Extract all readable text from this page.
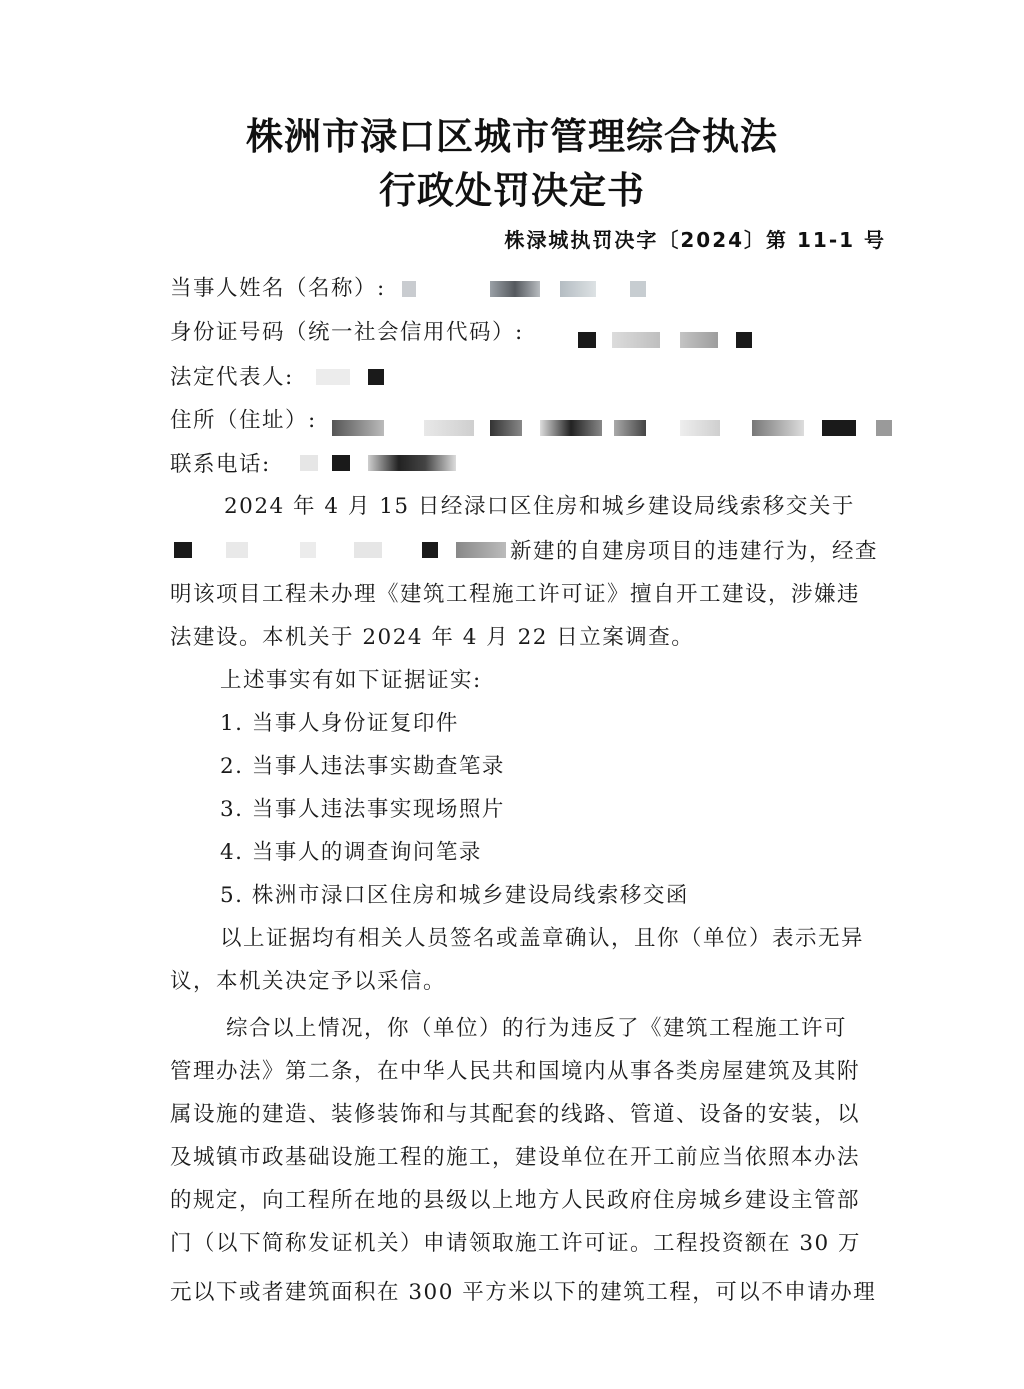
株洲市渌口区城市管理综合执法
行政处罚决定书
株渌城执罚决字〔2024〕第 11-1 号
当事人姓名（名称）:
身份证号码（统一社会信用代码）:
法定代表人:
住所（住址）:
联系电话:
2024 年 4 月 15 日经渌口区住房和城乡建设局线索移交关于
新建的自建房项目的违建行为，经查
明该项目工程未办理《建筑工程施工许可证》擅自开工建设，涉嫌违
法建设。本机关于 2024 年 4 月 22 日立案调查。
上述事实有如下证据证实:
1. 当事人身份证复印件
2. 当事人违法事实勘查笔录
3. 当事人违法事实现场照片
4. 当事人的调查询问笔录
5. 株洲市渌口区住房和城乡建设局线索移交函
以上证据均有相关人员签名或盖章确认，且你（单位）表示无异
议，本机关决定予以采信。
综合以上情况，你（单位）的行为违反了《建筑工程施工许可
管理办法》第二条，在中华人民共和国境内从事各类房屋建筑及其附
属设施的建造、装修装饰和与其配套的线路、管道、设备的安装，以
及城镇市政基础设施工程的施工，建设单位在开工前应当依照本办法
的规定，向工程所在地的县级以上地方人民政府住房城乡建设主管部
门（以下简称发证机关）申请领取施工许可证。工程投资额在 30 万
元以下或者建筑面积在 300 平方米以下的建筑工程，可以不申请办理
